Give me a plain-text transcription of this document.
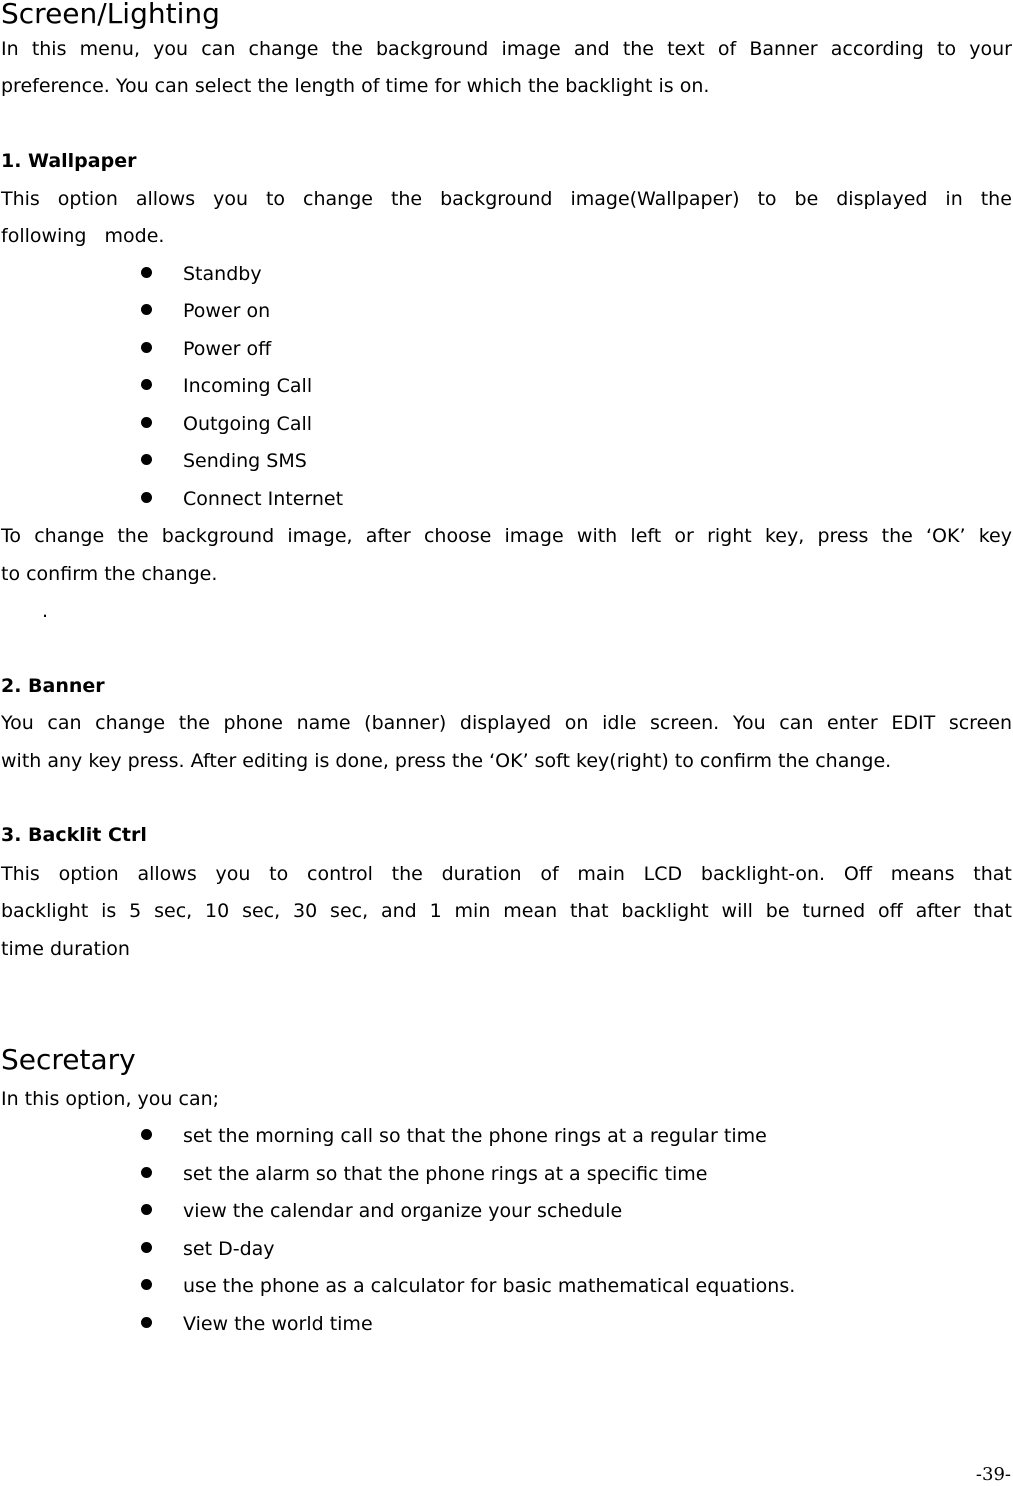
Screen/Lighting
In this menu, you can change the background image and the text of Banner according to your
preference. You can select the length of time for which the backlight is on.
1. Wallpaper
This option allows you to change the background image(Wallpaper) to be displayed in the
following   mode.
Standby
Power on
Power off
Incoming Call
Outgoing Call
Sending SMS
Connect Internet
To change the background image, after choose image with left or right key, press the ‘OK’ key
to confirm the change.
.
2. Banner
You can change the phone name (banner) displayed on idle screen. You can enter EDIT screen
with any key press. After editing is done, press the ‘OK’ soft key(right) to confirm the change.
3. Backlit Ctrl
This option allows you to control the duration of main LCD backlight-on. Off means that
backlight is 5 sec, 10 sec, 30 sec, and 1 min mean that backlight will be turned off after that
time duration
Secretary
In this option, you can;
set the morning call so that the phone rings at a regular time
set the alarm so that the phone rings at a specific time
view the calendar and organize your schedule
set D-day
use the phone as a calculator for basic mathematical equations.
View the world time
-39-
